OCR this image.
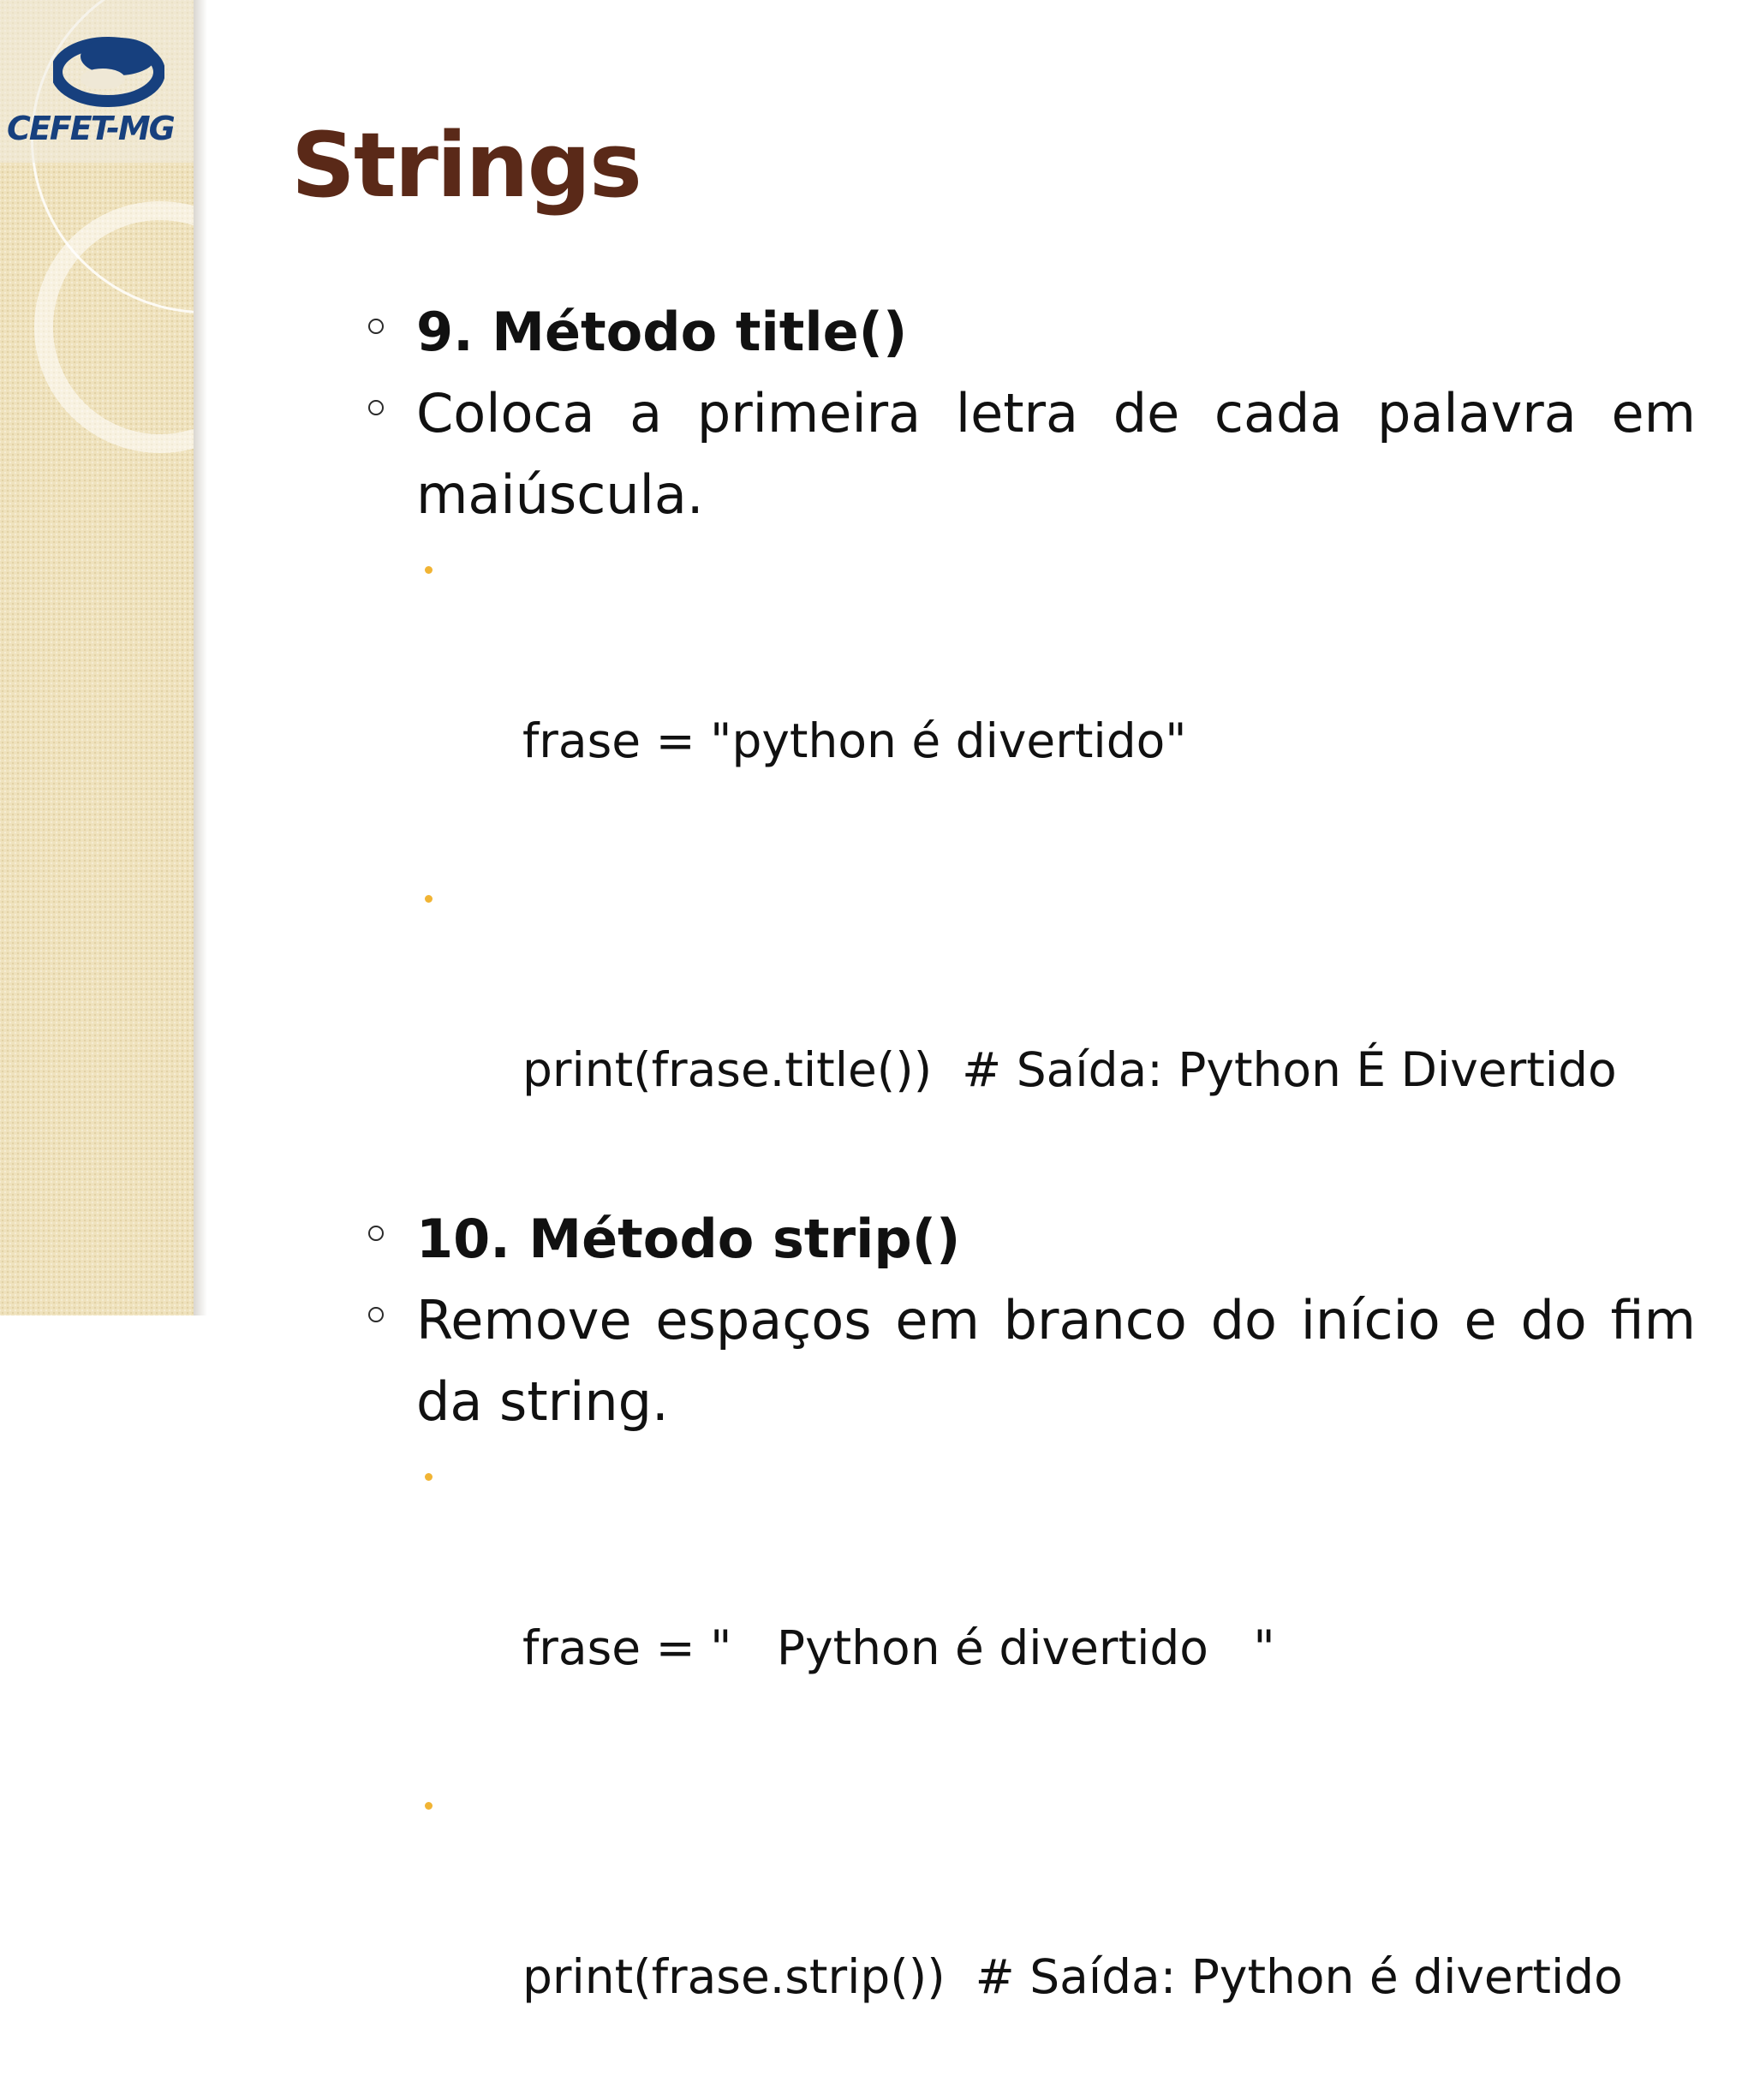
CEFET-MG Strings
9. Método title()
Coloca a primeira letra de cada palavra em maiúscula.

frase = "python é divertido"

print(frase.title())  # Saída: Python É Divertido

10. Método strip()
Remove espaços em branco do início e do fim da string.

frase = "   Python é divertido   "

print(frase.strip())  # Saída: Python é divertido
